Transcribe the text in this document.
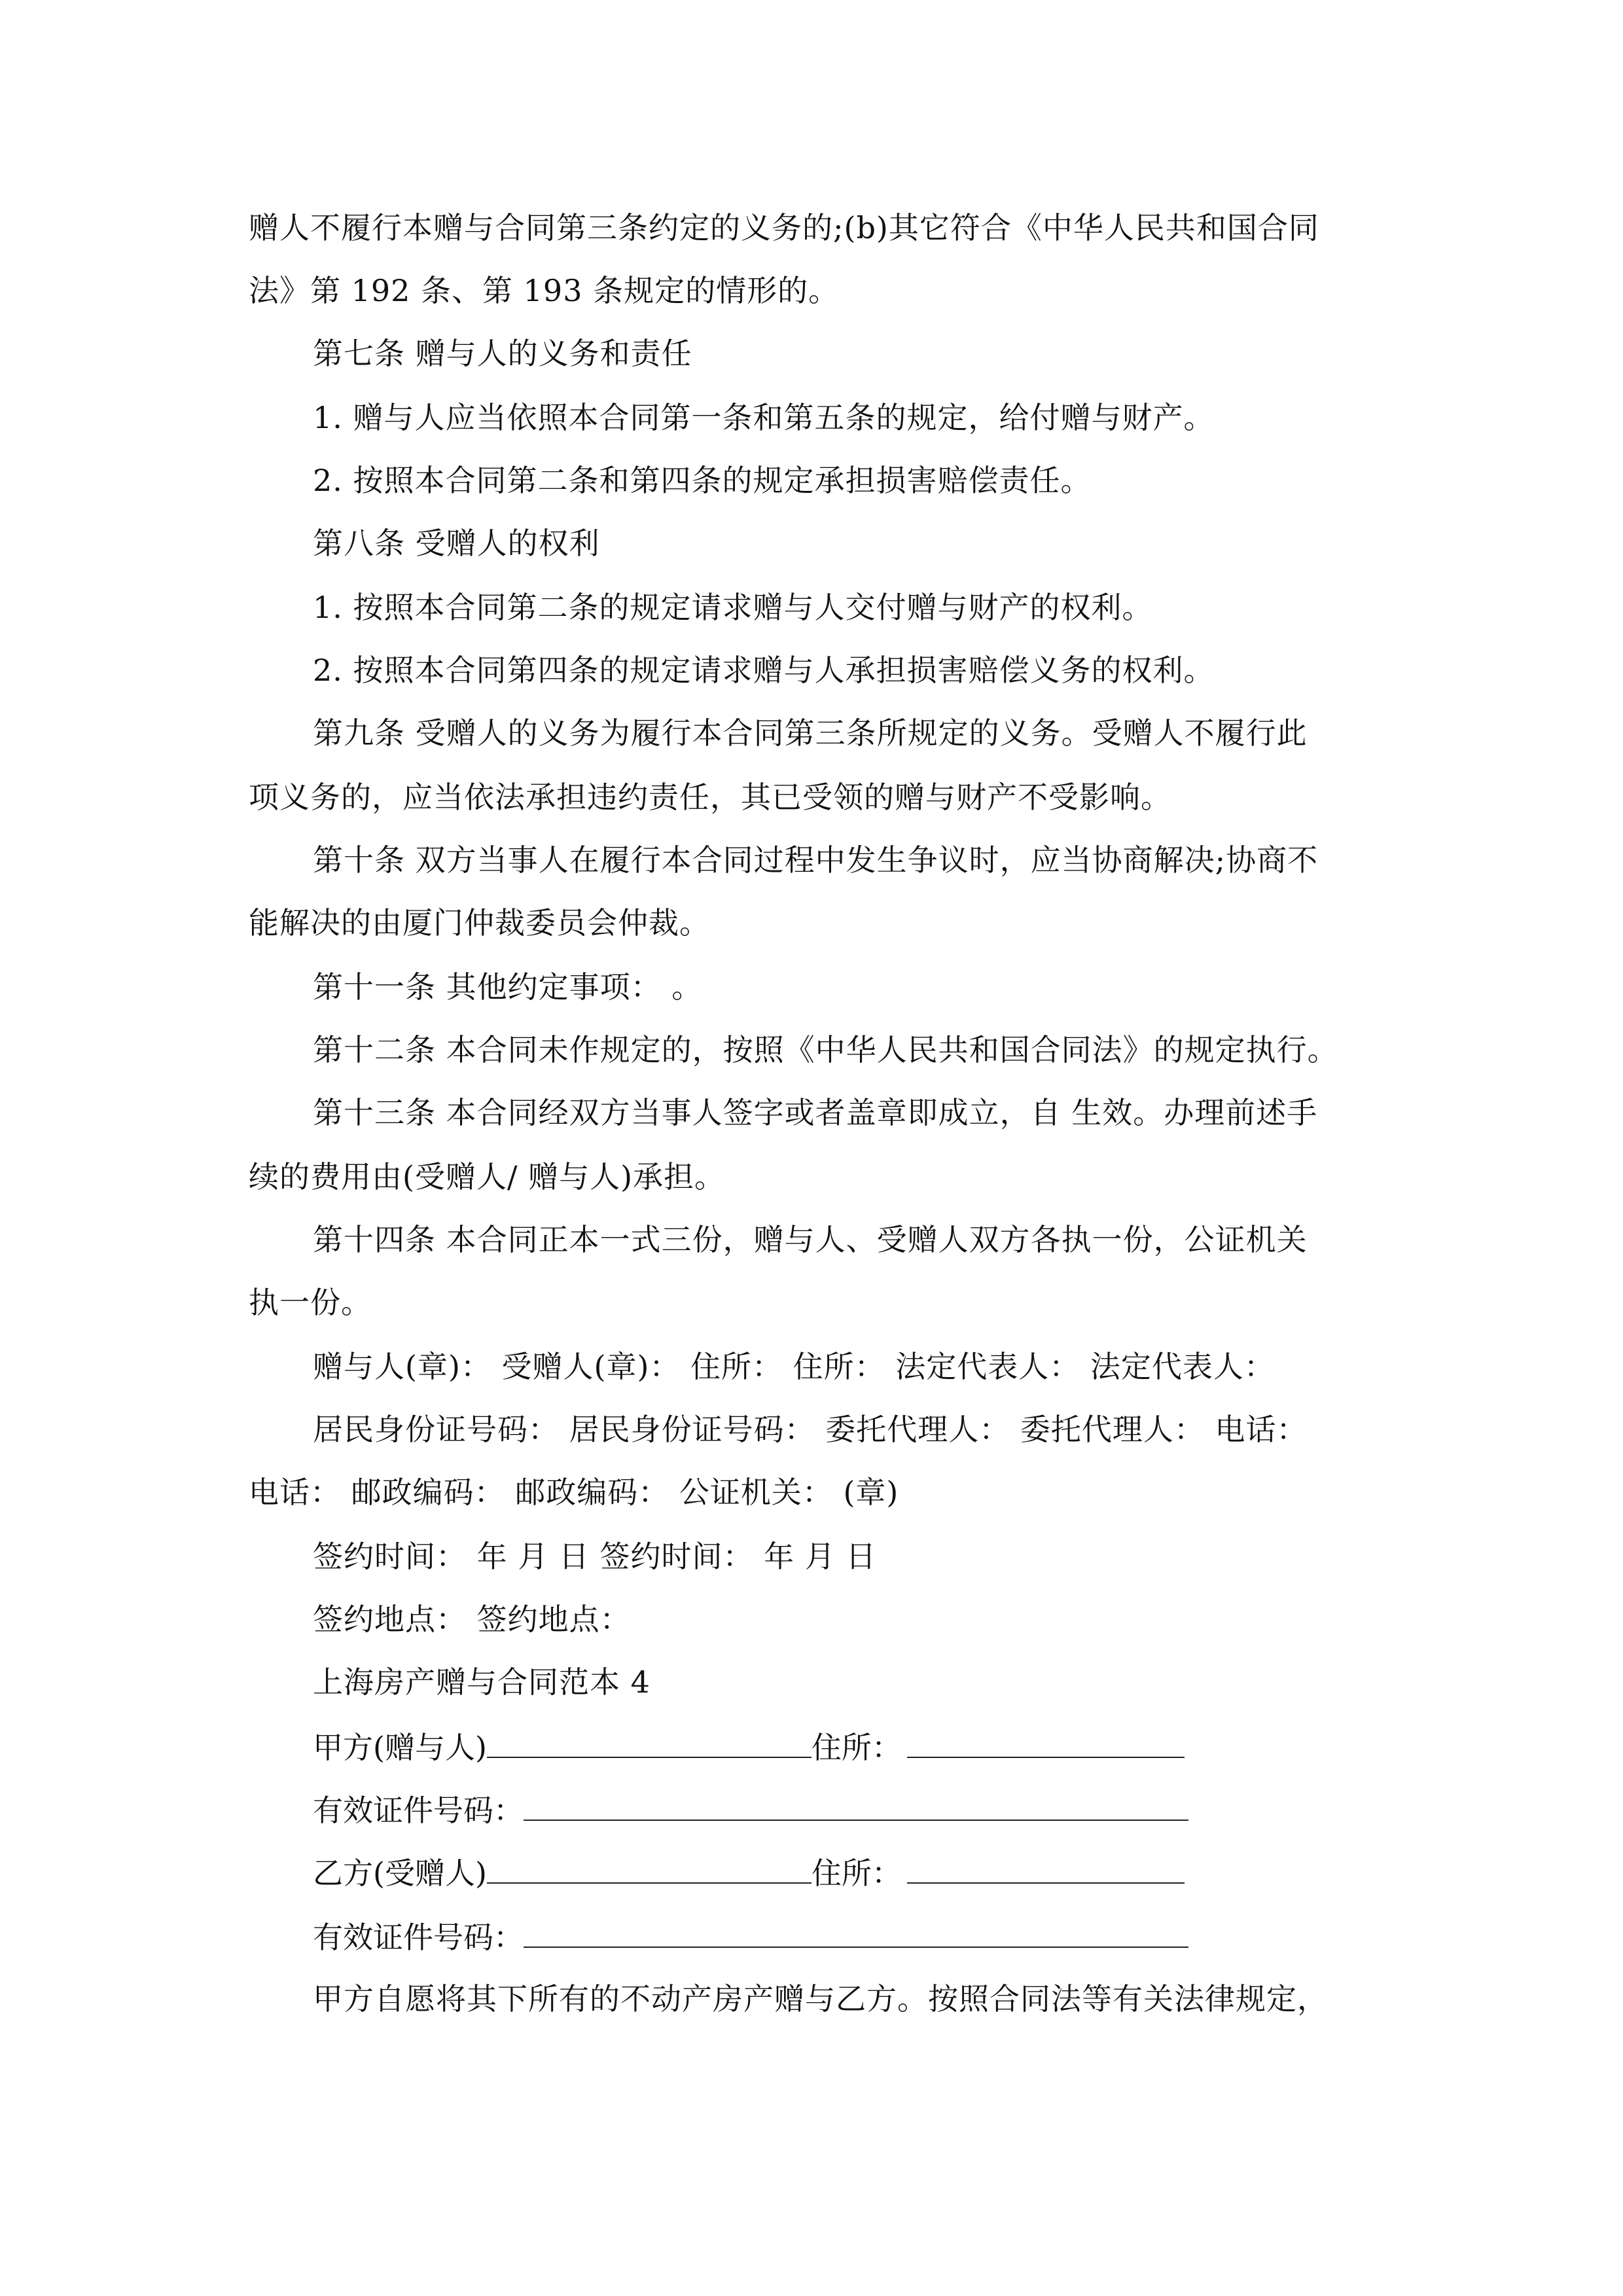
赠人不履行本赠与合同第三条约定的义务的;(b)其它符合《中华人民共和国合同
法》第 192 条、第 193 条规定的情形的。
第七条 赠与人的义务和责任
1. 赠与人应当依照本合同第一条和第五条的规定，给付赠与财产。
2. 按照本合同第二条和第四条的规定承担损害赔偿责任。
第八条 受赠人的权利
1. 按照本合同第二条的规定请求赠与人交付赠与财产的权利。
2. 按照本合同第四条的规定请求赠与人承担损害赔偿义务的权利。
第九条 受赠人的义务为履行本合同第三条所规定的义务。受赠人不履行此
项义务的，应当依法承担违约责任，其已受领的赠与财产不受影响。
第十条 双方当事人在履行本合同过程中发生争议时，应当协商解决;协商不
能解决的由厦门仲裁委员会仲裁。
第十一条 其他约定事项： 。
第十二条 本合同未作规定的，按照《中华人民共和国合同法》的规定执行。
第十三条 本合同经双方当事人签字或者盖章即成立，自 生效。办理前述手
续的费用由(受赠人/ 赠与人)承担。
第十四条 本合同正本一式三份，赠与人、受赠人双方各执一份，公证机关
执一份。
赠与人(章)： 受赠人(章)： 住所： 住所： 法定代表人： 法定代表人：
居民身份证号码： 居民身份证号码： 委托代理人： 委托代理人： 电话：
电话： 邮政编码： 邮政编码： 公证机关： (章)
签约时间： 年 月 日 签约时间： 年 月 日
签约地点： 签约地点：
上海房产赠与合同范本 4
甲方(赠与人)	住所：
有效证件号码：
乙方(受赠人)	住所：
有效证件号码：
甲方自愿将其下所有的不动产房产赠与乙方。按照合同法等有关法律规定，
